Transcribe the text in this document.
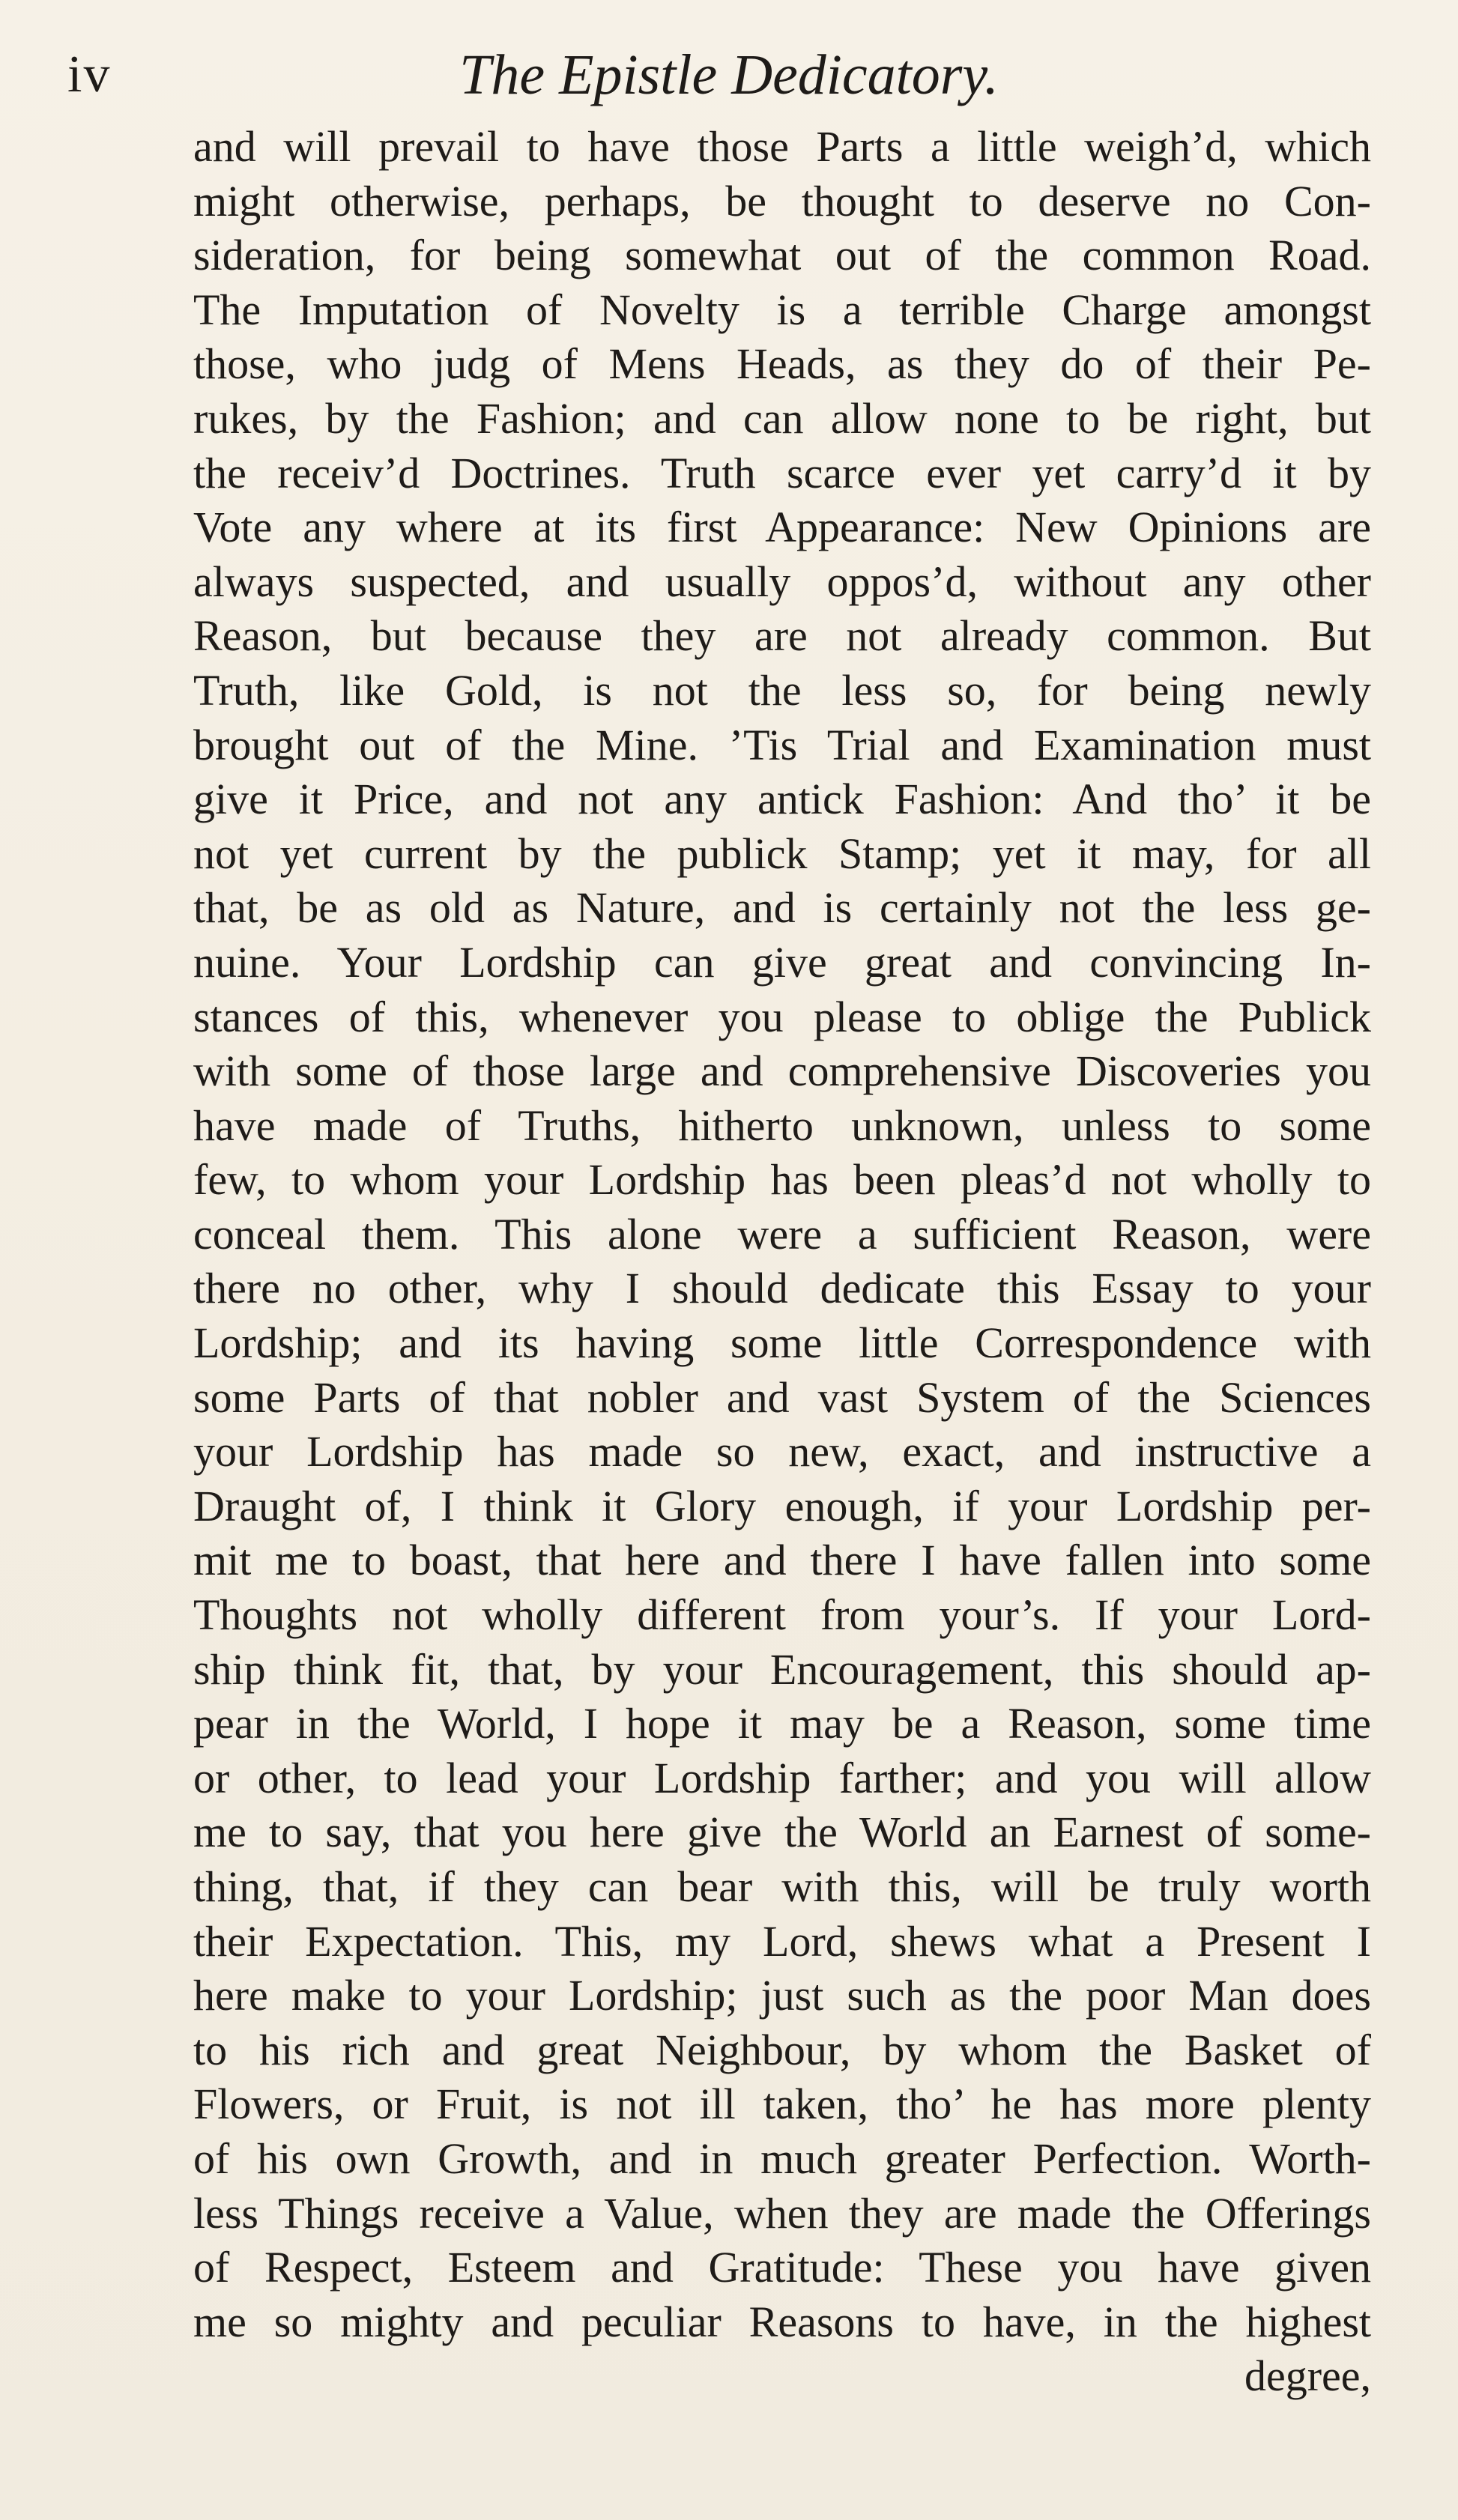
iv	The Epistle Dedicatory.
and will prevail to have those Parts a little weigh’d, which
might otherwise, perhaps, be thought to deserve no Con-
sideration, for being somewhat out of the common Road.
The Imputation of Novelty is a terrible Charge amongst
those, who judg of Mens Heads, as they do of their Pe-
rukes, by the Fashion; and can allow none to be right, but
the receiv’d Doctrines. Truth scarce ever yet carry’d it by
Vote any where at its first Appearance: New Opinions are
always suspected, and usually oppos’d, without any other
Reason, but because they are not already common. But
Truth, like Gold, is not the less so, for being newly
brought out of the Mine. ’Tis Trial and Examination must
give it Price, and not any antick Fashion: And tho’ it be
not yet current by the publick Stamp; yet it may, for all
that, be as old as Nature, and is certainly not the less ge-
nuine. Your Lordship can give great and convincing In-
stances of this, whenever you please to oblige the Publick
with some of those large and comprehensive Discoveries you
have made of Truths, hitherto unknown, unless to some
few, to whom your Lordship has been pleas’d not wholly to
conceal them. This alone were a sufficient Reason, were
there no other, why I should dedicate this Essay to your
Lordship; and its having some little Correspondence with
some Parts of that nobler and vast System of the Sciences
your Lordship has made so new, exact, and instructive a
Draught of, I think it Glory enough, if your Lordship per-
mit me to boast, that here and there I have fallen into some
Thoughts not wholly different from your’s. If your Lord-
ship think fit, that, by your Encouragement, this should ap-
pear in the World, I hope it may be a Reason, some time
or other, to lead your Lordship farther; and you will allow
me to say, that you here give the World an Earnest of some-
thing, that, if they can bear with this, will be truly worth
their Expectation. This, my Lord, shews what a Present I
here make to your Lordship; just such as the poor Man does
to his rich and great Neighbour, by whom the Basket of
Flowers, or Fruit, is not ill taken, tho’ he has more plenty
of his own Growth, and in much greater Perfection. Worth-
less Things receive a Value, when they are made the Offerings
of Respect, Esteem and Gratitude: These you have given
me so mighty and peculiar Reasons to have, in the highest
degree,
